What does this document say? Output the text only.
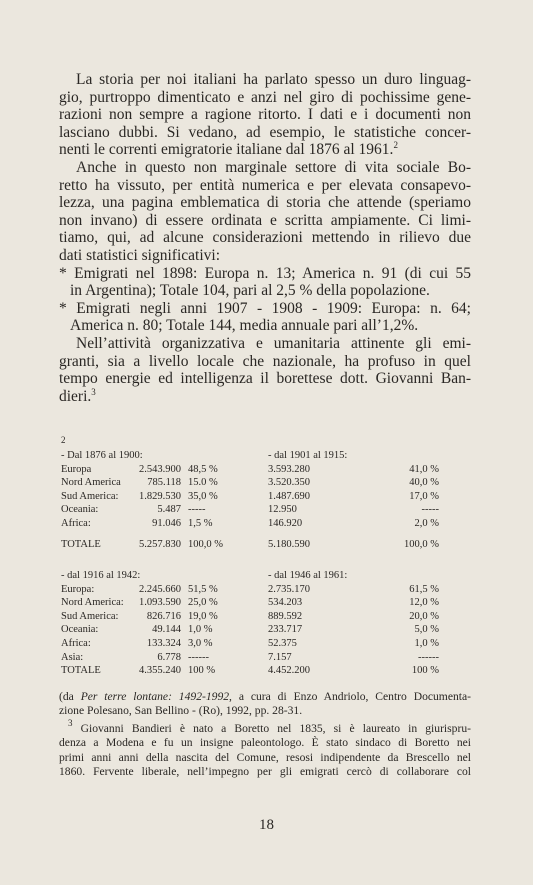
La storia per noi italiani ha parlato spesso un duro linguag-
gio, purtroppo dimenticato e anzi nel giro di pochissime gene-
razioni non sempre a ragione ritorto. I dati e i documenti non
lasciano dubbi. Si vedano, ad esempio, le statistiche concer-
nenti le correnti emigratorie italiane dal 1876 al 1961.$^2$
Anche in questo non marginale settore di vita sociale Bo-
retto ha vissuto, per entità numerica e per elevata consapevo-
lezza, una pagina emblematica di storia che attende (speriamo
non invano) di essere ordinata e scritta ampiamente. Ci limi-
tiamo, qui, ad alcune considerazioni mettendo in rilievo due
dati statistici significativi:
* Emigrati nel 1898: Europa n. 13; America n. 91 (di cui 55
in Argentina); Totale 104, pari al 2,5 % della popolazione.
* Emigrati negli anni 1907 - 1908 - 1909: Europa: n. 64;
America n. 80; Totale 144, media annuale pari all’1,2%.
Nell’attività organizzativa e umanitaria attinente gli emi-
granti, sia a livello locale che nazionale, ha profuso in quel
tempo energie ed intelligenza il borettese dott. Giovanni Ban-
dieri.$^3$
2
- Dal 1876 al 1900:	- dal 1901 al 1915:
Europa	2.543.900 48,5 %	3.593.280	41,0 %
Nord America	785.118 15.0 %	3.520.350	40,0 %
Sud America:	1.829.530 35,0 %	1.487.690	17,0 %
Oceania:	5.487 -----	12.950	-----
Africa:	91.046 1,5 %	146.920	2,0 %
TOTALE	5.257.830 100,0 %	5.180.590	100,0 %
- dal 1916 al 1942:	- dal 1946 al 1961:
Europa:	2.245.660 51,5 %	2.735.170	61,5 %
Nord America:	1.093.590 25,0 %	534.203	12,0 %
Sud America:	826.716 19,0 %	889.592	20,0 %
Oceania:	49.144 1,0 %	233.717	5,0 %
Africa:	133.324 3,0 %	52.375	1,0 %
Asia:	6.778 ------	7.157	------
TOTALE	4.355.240 100 %	4.452.200	100 %
(da Per terre lontane: 1492-1992, a cura di Enzo Andriolo, Centro Documenta-
zione Polesano, San Bellino - (Ro), 1992, pp. 28-31.
$^3$ Giovanni Bandieri è nato a Boretto nel 1835, si è laureato in giurispru-
denza a Modena e fu un insigne paleontologo. È stato sindaco di Boretto nei
primi anni anni della nascita del Comune, resosi indipendente da Brescello nel
1860. Fervente liberale, nell’impegno per gli emigrati cercò di collaborare col
18
